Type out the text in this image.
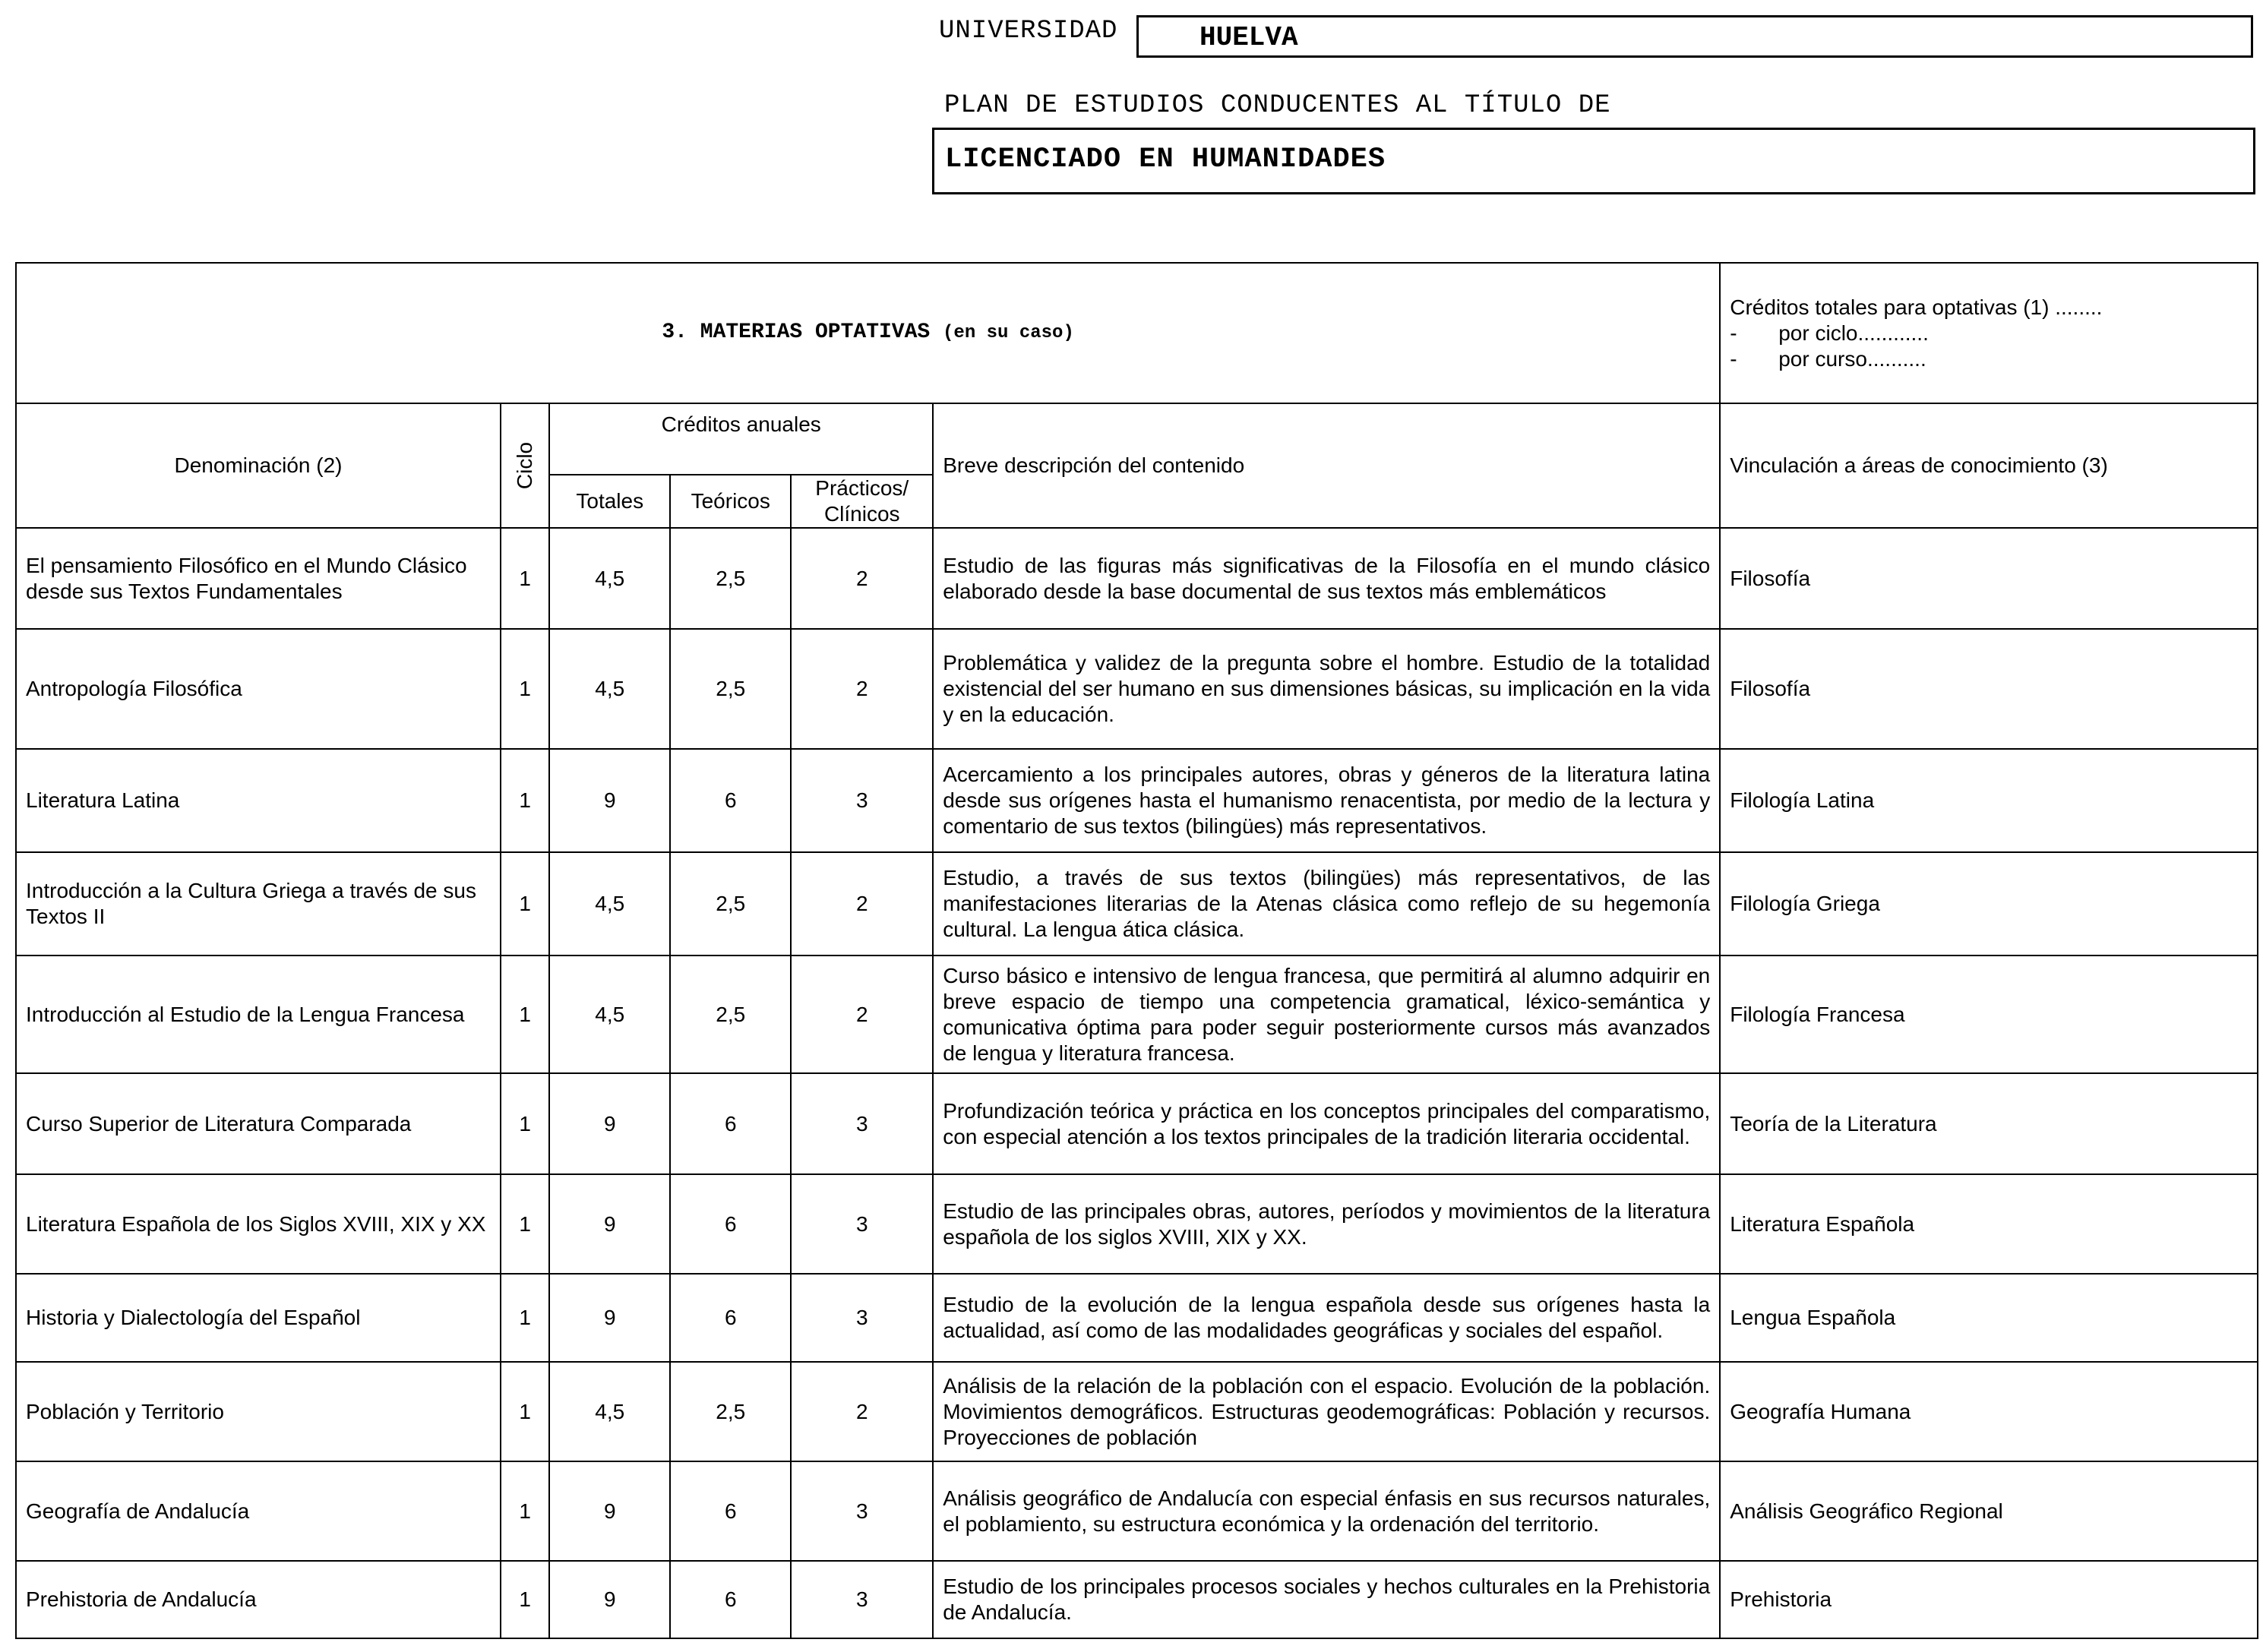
UNIVERSIDAD	HUELVA
PLAN DE ESTUDIOS CONDUCENTES AL TÍTULO DE
LICENCIADO EN HUMANIDADES
3. MATERIAS OPTATIVAS (en su caso)						Créditos totales para optativas (1) ........
- por ciclo............
- por curso..........

Denominación (2)	Ciclo	Créditos anuales			Breve descripción del contenido	Vinculación a áreas de conocimiento (3)
		Totales	Teóricos	Prácticos/ Clínicos		
El pensamiento Filosófico en el Mundo Clásico desde sus Textos Fundamentales	1	4,5	2,5	2	Estudio de las figuras más significativas de la Filosofía en el mundo clásico elaborado desde la base documental de sus textos más emblemáticos	Filosofía
Antropología Filosófica	1	4,5	2,5	2	Problemática y validez de la pregunta sobre el hombre. Estudio de la totalidad existencial del ser humano en sus dimensiones básicas, su implicación en la vida y en la educación.	Filosofía
Literatura Latina	1	9	6	3	Acercamiento a los principales autores, obras y géneros de la literatura latina desde sus orígenes hasta el humanismo renacentista, por medio de la lectura y comentario de sus textos (bilingües) más representativos.	Filología Latina
Introducción a la Cultura Griega a través de sus Textos II	1	4,5	2,5	2	Estudio, a través de sus textos (bilingües) más representativos, de las manifestaciones literarias de la Atenas clásica como reflejo de su hegemonía cultural. La lengua ática clásica.	Filología Griega
Introducción al Estudio de la Lengua Francesa	1	4,5	2,5	2	Curso básico e intensivo de lengua francesa, que permitirá al alumno adquirir en breve espacio de tiempo una competencia gramatical, léxico-semántica y comunicativa óptima para poder seguir posteriormente cursos más avanzados de lengua y literatura francesa.	Filología Francesa
Curso Superior de Literatura Comparada	1	9	6	3	Profundización teórica y práctica en los conceptos principales del comparatismo, con especial atención a los textos principales de la tradición literaria occidental.	Teoría de la Literatura
Literatura Española de los Siglos XVIII, XIX y XX	1	9	6	3	Estudio de las principales obras, autores, períodos y movimientos de la literatura española de los siglos XVIII, XIX y XX.	Literatura Española
Historia y Dialectología del Español	1	9	6	3	Estudio de la evolución de la lengua española desde sus orígenes hasta la actualidad, así como de las modalidades geográficas y sociales del español.	Lengua Española
Población y Territorio	1	4,5	2,5	2	Análisis de la relación de la población con el espacio. Evolución de la población. Movimientos demográficos. Estructuras geodemográficas: Población y recursos. Proyecciones de población	Geografía Humana
Geografía de Andalucía	1	9	6	3	Análisis geográfico de Andalucía con especial énfasis en sus recursos naturales, el poblamiento, su estructura económica y la ordenación del territorio.	Análisis Geográfico Regional
Prehistoria de Andalucía	1	9	6	3	Estudio de los principales procesos sociales y hechos culturales en la Prehistoria de Andalucía.	Prehistoria
